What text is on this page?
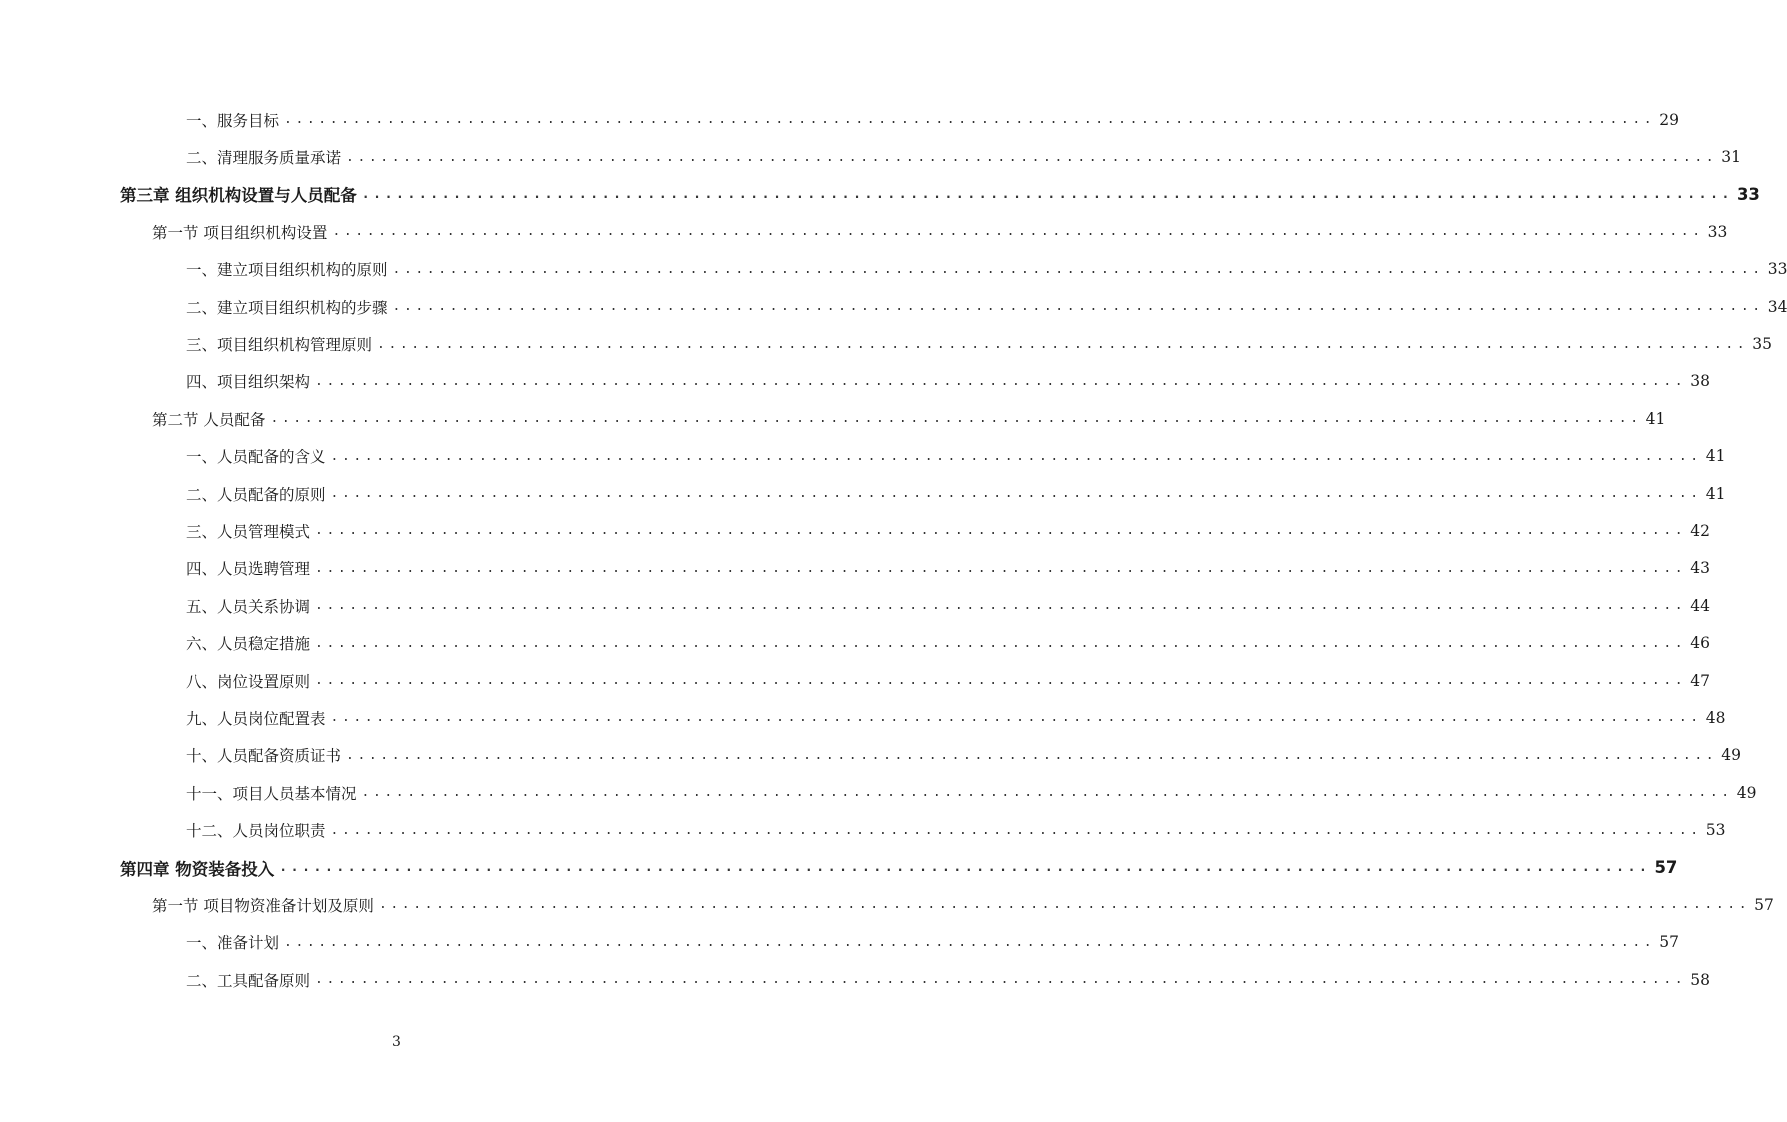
一、服务目标 ........................................................................................................................ 29
二、清理服务质量承诺 ........................................................................................................................ 31
第三章 组织机构设置与人员配备 ........................................................................................................................ 33
第一节 项目组织机构设置 ........................................................................................................................ 33
一、建立项目组织机构的原则 ........................................................................................................................ 33
二、建立项目组织机构的步骤 ........................................................................................................................ 34
三、项目组织机构管理原则 ........................................................................................................................ 35
四、项目组织架构 ........................................................................................................................ 38
第二节 人员配备 ........................................................................................................................ 41
一、人员配备的含义 ........................................................................................................................ 41
二、人员配备的原则 ........................................................................................................................ 41
三、人员管理模式 ........................................................................................................................ 42
四、人员选聘管理 ........................................................................................................................ 43
五、人员关系协调 ........................................................................................................................ 44
六、人员稳定措施 ........................................................................................................................ 46
八、岗位设置原则 ........................................................................................................................ 47
九、人员岗位配置表 ........................................................................................................................ 48
十、人员配备资质证书 ........................................................................................................................ 49
十一、项目人员基本情况 ........................................................................................................................ 49
十二、人员岗位职责 ........................................................................................................................ 53
第四章 物资装备投入 ........................................................................................................................ 57
第一节 项目物资准备计划及原则 ........................................................................................................................ 57
一、准备计划 ........................................................................................................................ 57
二、工具配备原则 ........................................................................................................................ 58
3
